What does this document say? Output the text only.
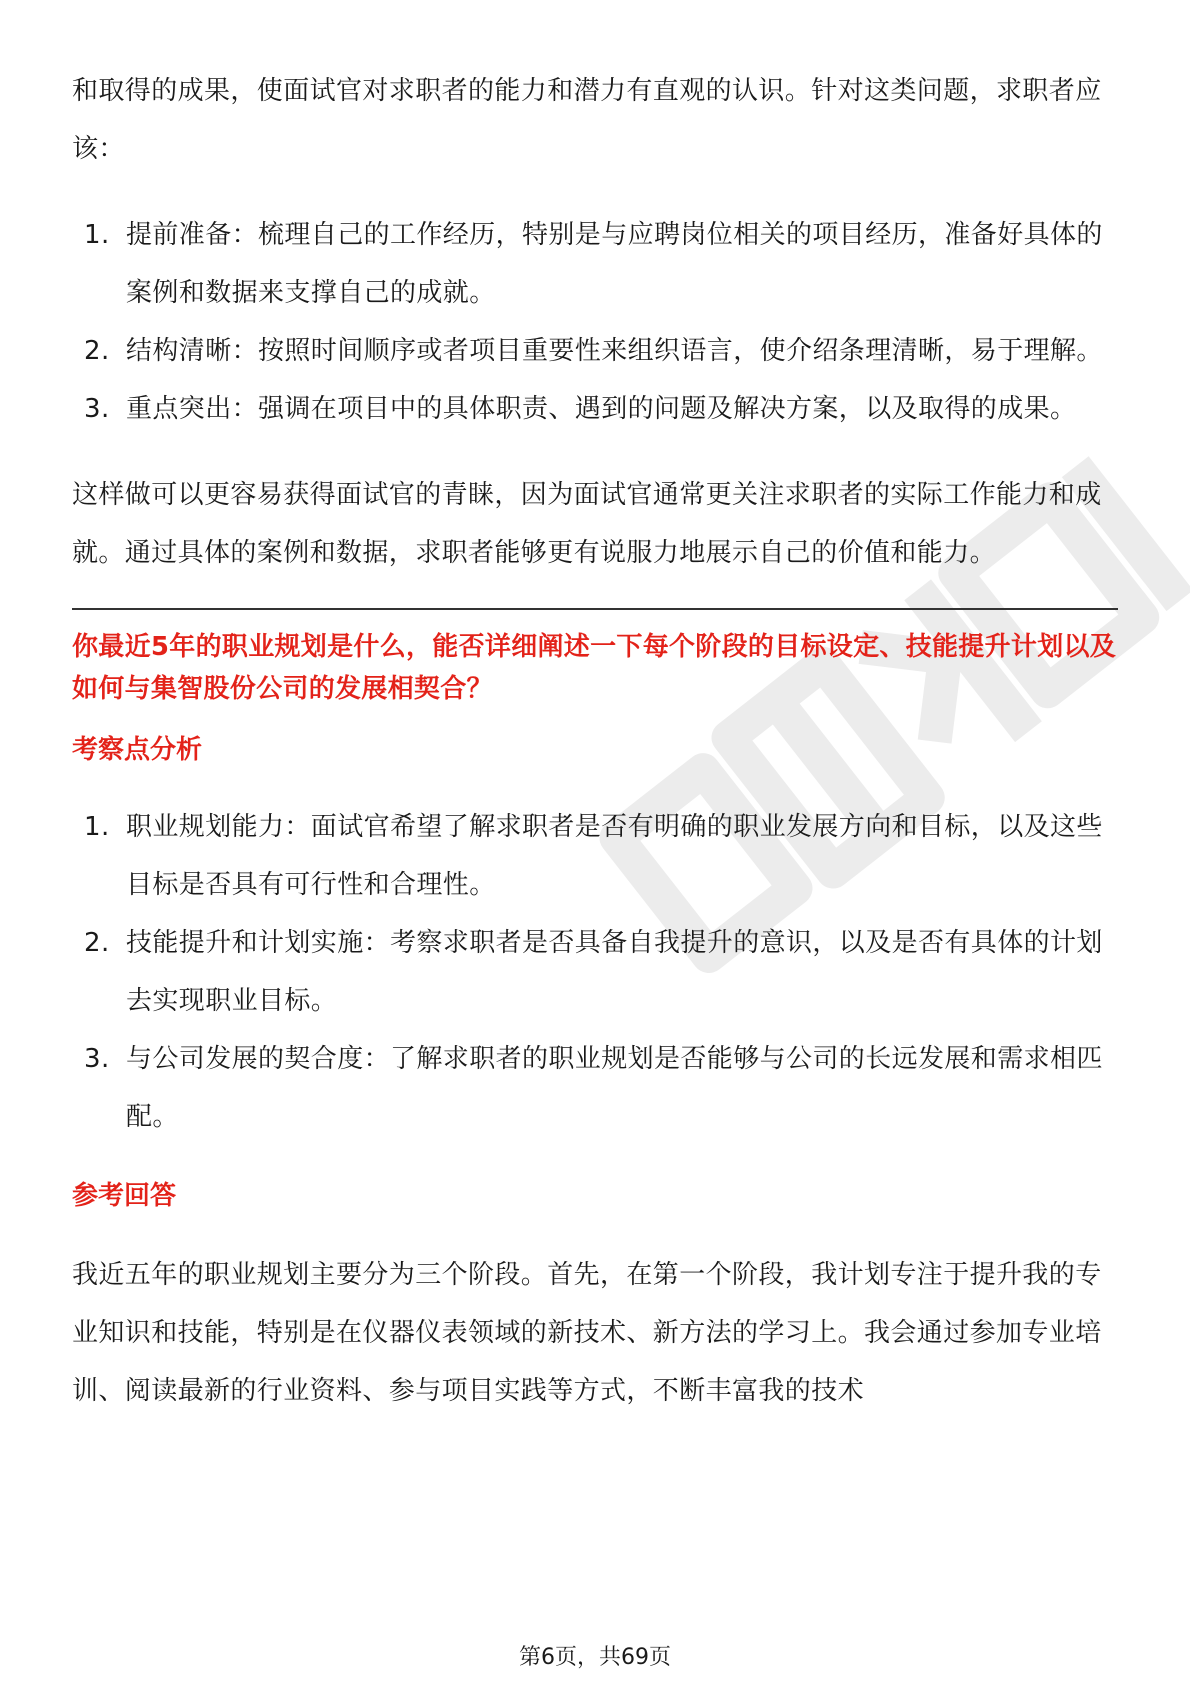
和取得的成果，使面试官对求职者的能力和潜力有直观的认识。针对这类问题，求职者应该：

1. 提前准备：梳理自己的工作经历，特别是与应聘岗位相关的项目经历，准备好具体的案例和数据来支撑自己的成就。
2. 结构清晰：按照时间顺序或者项目重要性来组织语言，使介绍条理清晰，易于理解。
3. 重点突出：强调在项目中的具体职责、遇到的问题及解决方案，以及取得的成果。

这样做可以更容易获得面试官的青睐，因为面试官通常更关注求职者的实际工作能力和成就。通过具体的案例和数据，求职者能够更有说服力地展示自己的价值和能力。

你最近5年的职业规划是什么，能否详细阐述一下每个阶段的目标设定、技能提升计划以及如何与集智股份公司的发展相契合？

考察点分析

1. 职业规划能力：面试官希望了解求职者是否有明确的职业发展方向和目标，以及这些目标是否具有可行性和合理性。
2. 技能提升和计划实施：考察求职者是否具备自我提升的意识，以及是否有具体的计划去实现职业目标。
3. 与公司发展的契合度：了解求职者的职业规划是否能够与公司的长远发展和需求相匹配。

参考回答

我近五年的职业规划主要分为三个阶段。首先，在第一个阶段，我计划专注于提升我的专业知识和技能，特别是在仪器仪表领域的新技术、新方法的学习上。我会通过参加专业培训、阅读最新的行业资料、参与项目实践等方式，不断丰富我的技术

第6页，共69页
